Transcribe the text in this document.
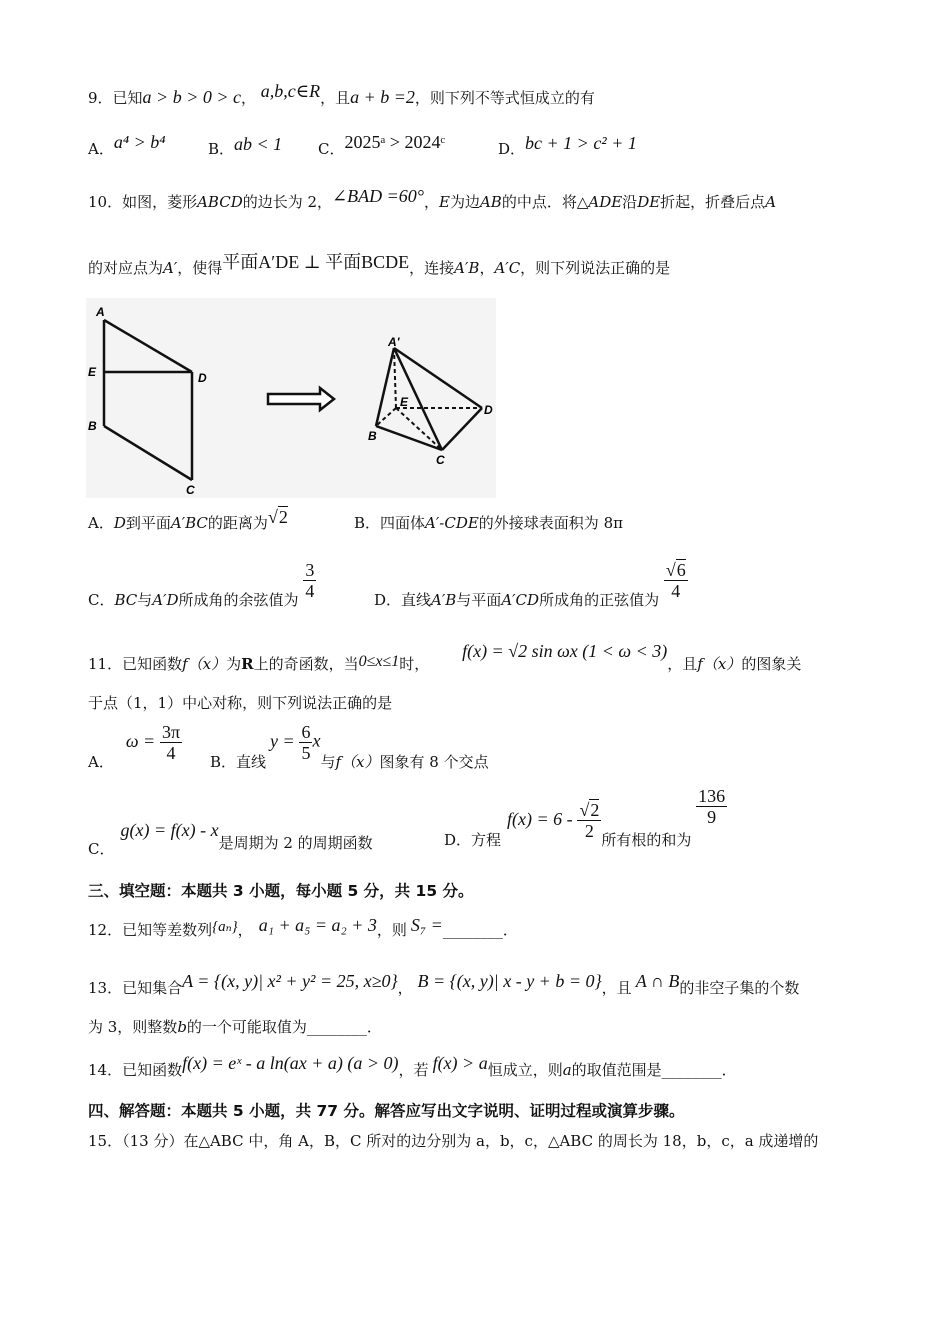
9．已知a > b > 0 > c， a,b,c∈R，且a + b =2，则下列不等式恒成立的有
A．a⁴ > b⁴	B．ab < 1 C．2025ᵃ > 2024ᶜ	D．bc + 1 > c² + 1
10．如图，菱形ABCD的边长为 2，∠BAD =60°，E为边AB的中点．将△ADE沿DE折起，折叠后点A
的对应点为A′，使得平面A′DE ⊥ 平面BCDE，连接A′B，A′C，则下列说法正确的是
A
E	D
B
C
A'
E
D
B
C
A．D到平面A′BC的距离为√2	B．四面体A′-CDE的外接球表面积为 8π
C．BC与A′D所成角的余弦值为 $\frac{3}{4}$	D．直线A′B与平面A′CD所成角的正弦值为 $\frac{√6}{4}$
11．已知函数f（x）为R上的奇函数，当0≤x≤1时， f(x) = √2 sin ωx (1 < ω < 3)，且f（x）的图象关
于点（1，1）中心对称，则下列说法正确的是
A．$\omega = \frac{3\pi}{4}$ B．直线$y = \frac{6}{5}$ x与f（x）图象有 8 个交点
C．g(x) = f(x) - x是周期为 2 的周期函数	D．方程$f(x) = 6 - \frac{√2}{2}$ 所有根的和为
$\frac{136}{9}$
三、填空题：本题共 3 小题，每小题 5 分，共 15 分。
12．已知等差数列{aₙ}， a₁ + a₅ = a₂ + 3，则 S₇ =________．
13．已知集合A = {(x, y)| x² + y² = 25, x≥0}， B = {(x, y)| x - y + b = 0}，且 A ∩ B的非空子集的个数
为 3，则整数b的一个可能取值为________．
14．已知函数f(x) = eˣ - a ln(ax + a) (a > 0)，若 f(x) > a恒成立，则a的取值范围是________．
四、解答题：本题共 5 小题，共 77 分。解答应写出文字说明、证明过程或演算步骤。
15．（13 分）在△ABC 中，角 A，B，C 所对的边分别为 a，b，c，△ABC 的周长为 18，b，c，a 成递增的
